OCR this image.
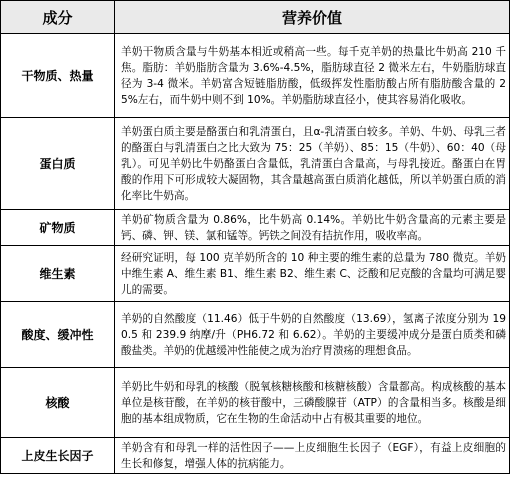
成分	营养价值
干物质、热量	羊奶干物质含量与牛奶基本相近或稍高一些。每千克羊奶的热量比牛奶高 210 千焦。脂肪：羊奶脂肪含量为 3.6%-4.5%，脂肪球直径 2 微米左右，牛奶脂肪球直径为 3-4 微米。羊奶富含短链脂肪酸，低级挥发性脂肪酸占所有脂肪酸含量的 25%左右，而牛奶中则不到 10%。羊奶脂肪球直径小，使其容易消化吸收。
蛋白质	羊奶蛋白质主要是酪蛋白和乳清蛋白，且α-乳清蛋白较多。羊奶、牛奶、母乳三者的酪蛋白与乳清蛋白之比大致为 75：25（羊奶）、85：15（牛奶）、60：40（母乳）。可见羊奶比牛奶酪蛋白含量低，乳清蛋白含量高，与母乳接近。酪蛋白在胃酸的作用下可形成较大凝固物，其含量越高蛋白质消化越低，所以羊奶蛋白质的消化率比牛奶高。
矿物质	羊奶矿物质含量为 0.86%，比牛奶高 0.14%。羊奶比牛奶含量高的元素主要是钙、磷、钾、镁、氯和锰等。钙铁之间没有拮抗作用，吸收率高。
维生素	经研究证明，每 100 克羊奶所含的 10 种主要的维生素的总量为 780 微克。羊奶中维生素 A、维生素 B1、维生素 B2、维生素 C、泛酸和尼克酸的含量均可满足婴儿的需要。
酸度、缓冲性	羊奶的自然酸度（11.46）低于牛奶的自然酸度（13.69），氢离子浓度分别为 190.5 和 239.9 纳摩/升（PH6.72 和 6.62）。羊奶的主要缓冲成分是蛋白质类和磷酸盐类。羊奶的优越缓冲性能使之成为治疗胃溃疡的理想食品。
核酸	羊奶比牛奶和母乳的核酸（脱氧核糖核酸和核糖核酸）含量都高。构成核酸的基本单位是核苷酸，在羊奶的核苷酸中，三磷酸腺苷（ATP）的含量相当多。核酸是细胞的基本组成物质，它在生物的生命活动中占有极其重要的地位。
上皮生长因子	羊奶含有和母乳一样的活性因子——上皮细胞生长因子（EGF），有益上皮细胞的生长和修复，增强人体的抗病能力。
